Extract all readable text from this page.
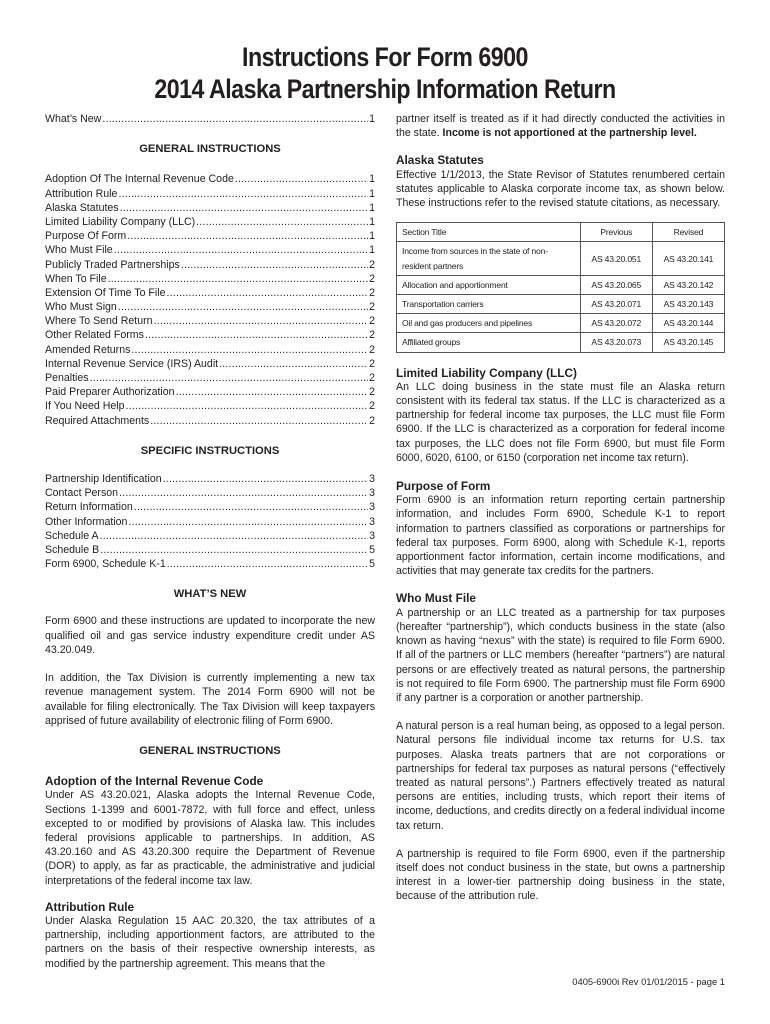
Instructions For Form 6900
2014 Alaska Partnership Information Return
What’s New .....	1
GENERAL INSTRUCTIONS
Adoption Of The Internal Revenue Code .....	1
Attribution Rule .....	1
Alaska Statutes .....	1
Limited Liability Company (LLC) .....	1
Purpose Of Form .....	1
Who Must File .....	1
Publicly Traded Partnerships .....	2
When To File .....	2
Extension Of Time To File .....	2
Who Must Sign .....	2
Where To Send Return .....	2
Other Related Forms .....	2
Amended Returns .....	2
Internal Revenue Service (IRS) Audit .....	2
Penalties .....	2
Paid Preparer Authorization .....	2
If You Need Help .....	2
Required Attachments .....	2
SPECIFIC INSTRUCTIONS
Partnership Identification .....	3
Contact Person .....	3
Return Information .....	3
Other Information .....	3
Schedule A .....	3
Schedule B .....	5
Form 6900, Schedule K-1 .....	5
WHAT’S NEW

Form 6900 and these instructions are updated to incorporate the new qualified oil and gas service industry expenditure credit under AS 43.20.049.

In addition, the Tax Division is currently implementing a new tax revenue management system. The 2014 Form 6900 will not be available for filing electronically. The Tax Division will keep taxpayers apprised of future availability of electronic filing of Form 6900.

GENERAL INSTRUCTIONS
Adoption of the Internal Revenue Code

Under AS 43.20.021, Alaska adopts the Internal Revenue Code, Sections 1-1399 and 6001-7872, with full force and effect, unless excepted to or modified by provisions of Alaska law. This includes federal provisions applicable to partnerships. In addition, AS 43.20.160 and AS 43.20.300 require the Department of Revenue (DOR) to apply, as far as practicable, the administrative and judicial interpretations of the federal income tax law.

Attribution Rule

Under Alaska Regulation 15 AAC 20.320, the tax attributes of a partnership, including apportionment factors, are attributed to the partners on the basis of their respective ownership interests, as modified by the partnership agreement. This means that the

partner itself is treated as if it had directly conducted the activities in the state. Income is not apportioned at the partnership level.

Alaska Statutes

Effective 1/1/2013, the State Revisor of Statutes renumbered certain statutes applicable to Alaska corporate income tax, as shown below. These instructions refer to the revised statute citations, as necessary.

Section Title	Previous	Revised
Income from sources in the state of non-resident partners	AS 43.20.051	AS 43.20.141
Allocation and apportionment	AS 43.20.065	AS 43.20.142
Transportation carriers	AS 43.20.071	AS 43.20.143
Oil and gas producers and pipelines	AS 43.20.072	AS 43.20.144
Affiliated groups	AS 43.20.073	AS 43.20.145
Limited Liability Company (LLC)

An LLC doing business in the state must file an Alaska return consistent with its federal tax status. If the LLC is characterized as a partnership for federal income tax purposes, the LLC must file Form 6900. If the LLC is characterized as a corporation for federal income tax purposes, the LLC does not file Form 6900, but must file Form 6000, 6020, 6100, or 6150 (corporation net income tax return).

Purpose of Form

Form 6900 is an information return reporting certain partnership information, and includes Form 6900, Schedule K-1 to report information to partners classified as corporations or partnerships for federal tax purposes. Form 6900, along with Schedule K-1, reports apportionment factor information, certain income modifications, and activities that may generate tax credits for the partners.

Who Must File

A partnership or an LLC treated as a partnership for tax purposes (hereafter “partnership”), which conducts business in the state (also known as having “nexus” with the state) is required to file Form 6900. If all of the partners or LLC members (hereafter “partners”) are natural persons or are effectively treated as natural persons, the partnership is not required to file Form 6900. The partnership must file Form 6900 if any partner is a corporation or another partnership.

A natural person is a real human being, as opposed to a legal person. Natural persons file individual income tax returns for U.S. tax purposes. Alaska treats partners that are not corporations or partnerships for federal tax purposes as natural persons (“effectively treated as natural persons”.) Partners effectively treated as natural persons are entities, including trusts, which report their items of income, deductions, and credits directly on a federal individual income tax return.

A partnership is required to file Form 6900, even if the partnership itself does not conduct business in the state, but owns a partnership interest in a lower-tier partnership doing business in the state, because of the attribution rule.

0405-6900i Rev 01/01/2015 - page 1
